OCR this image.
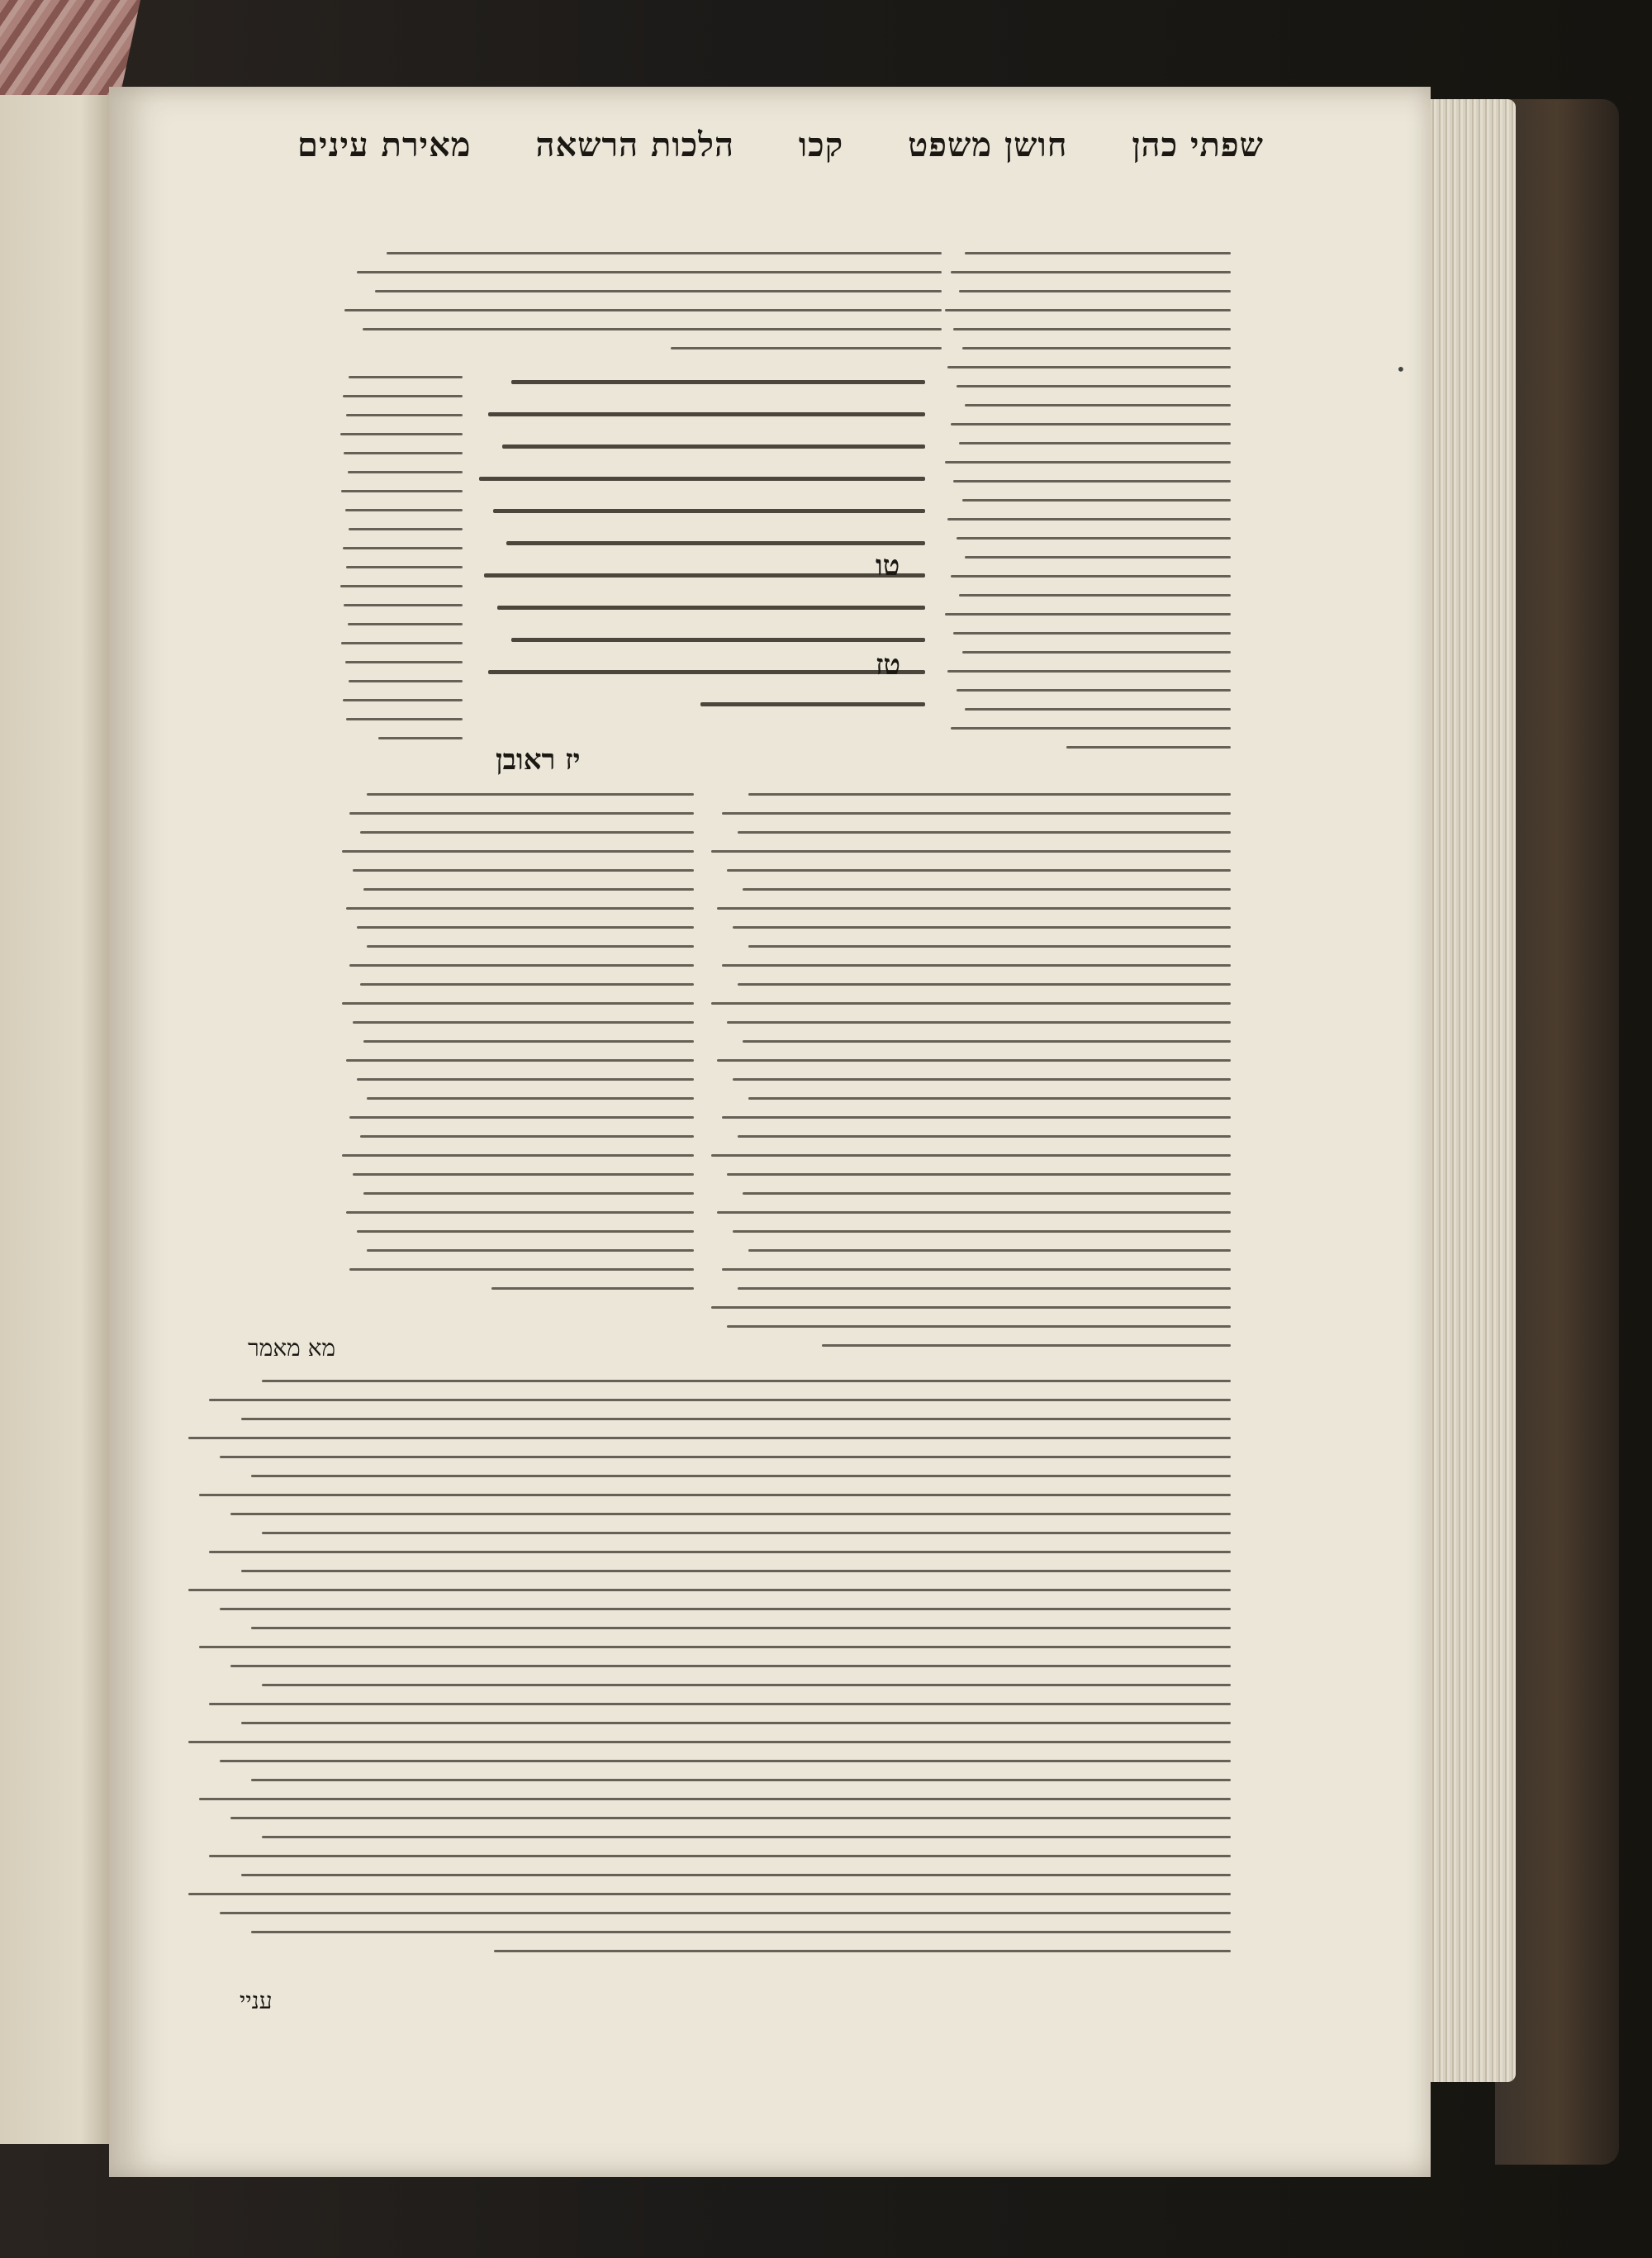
שפתי כהן
חושן משפט
קכו
הלכות הרשאה
מאירת עינים
טו
טז
יז ראובן
מא מאמר
עניי
•
